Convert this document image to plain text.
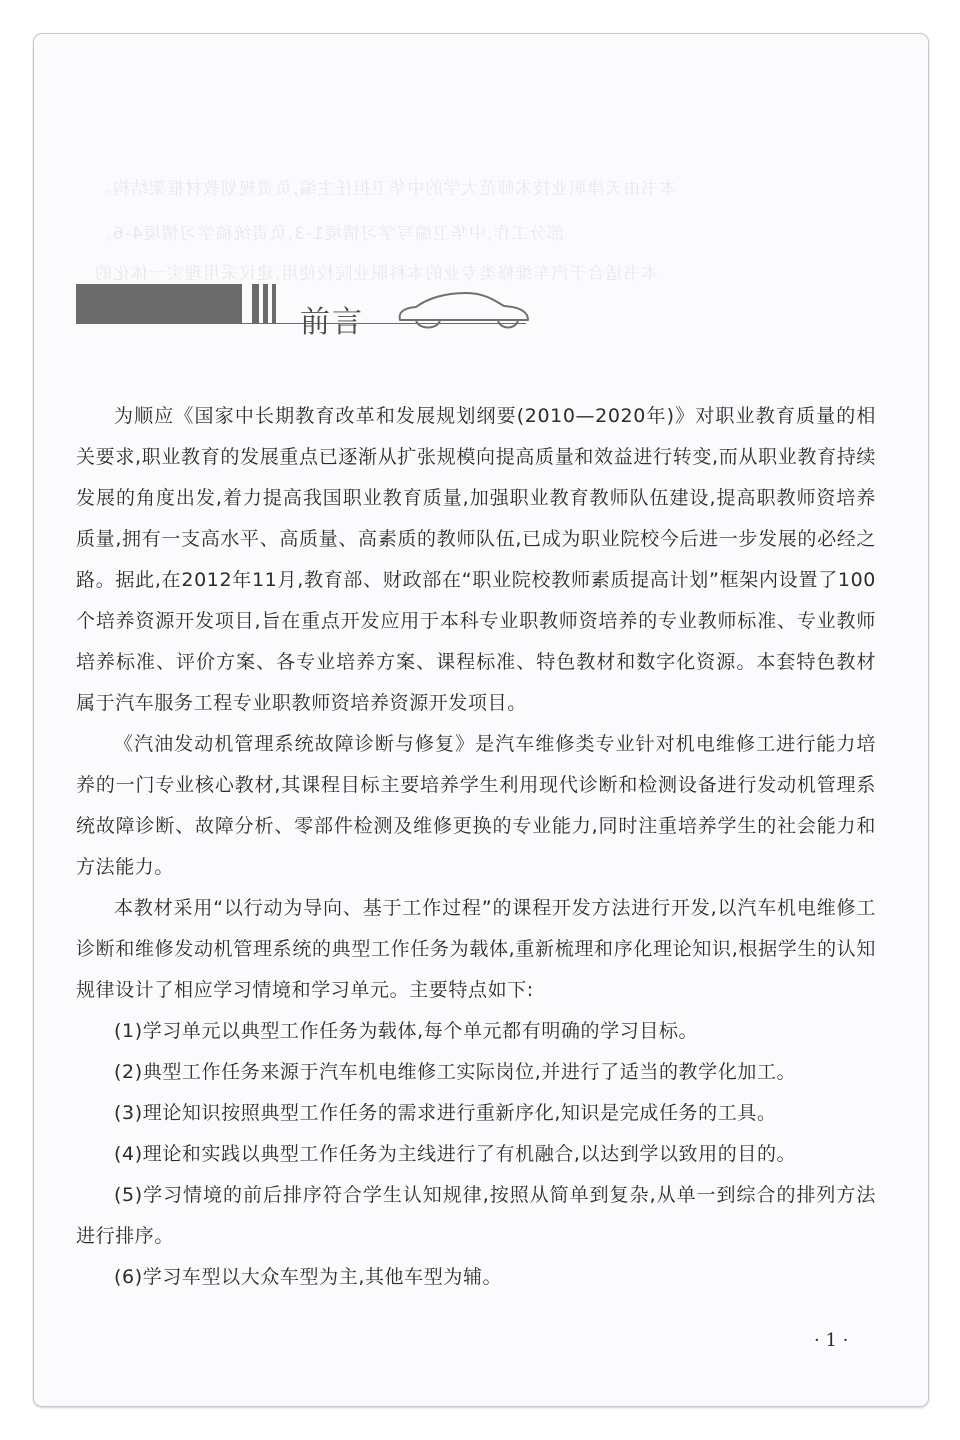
本书由天津职业技术师范大学的中华卫担任主编,负责规划教材框架结构。
部分工作,中华卫编写学习情境1-3,负责统稿学习情境4-6。
本书适合于汽车维修类专业的本科职业院校使用,建议采用理实一体化的
前言

为顺应《国家中长期教育改革和发展规划纲要(2010—2020年)》对职业教育质量的相关要求,职业教育的发展重点已逐渐从扩张规模向提高质量和效益进行转变,而从职业教育持续发展的角度出发,着力提高我国职业教育质量,加强职业教育教师队伍建设,提高职教师资培养质量,拥有一支高水平、高质量、高素质的教师队伍,已成为职业院校今后进一步发展的必经之路。据此,在2012年11月,教育部、财政部在“职业院校教师素质提高计划”框架内设置了100个培养资源开发项目,旨在重点开发应用于本科专业职教师资培养的专业教师标准、专业教师培养标准、评价方案、各专业培养方案、课程标准、特色教材和数字化资源。本套特色教材属于汽车服务工程专业职教师资培养资源开发项目。

《汽油发动机管理系统故障诊断与修复》是汽车维修类专业针对机电维修工进行能力培养的一门专业核心教材,其课程目标主要培养学生利用现代诊断和检测设备进行发动机管理系统故障诊断、故障分析、零部件检测及维修更换的专业能力,同时注重培养学生的社会能力和方法能力。

本教材采用“以行动为导向、基于工作过程”的课程开发方法进行开发,以汽车机电维修工诊断和维修发动机管理系统的典型工作任务为载体,重新梳理和序化理论知识,根据学生的认知规律设计了相应学习情境和学习单元。主要特点如下:

(1)学习单元以典型工作任务为载体,每个单元都有明确的学习目标。

(2)典型工作任务来源于汽车机电维修工实际岗位,并进行了适当的教学化加工。

(3)理论知识按照典型工作任务的需求进行重新序化,知识是完成任务的工具。

(4)理论和实践以典型工作任务为主线进行了有机融合,以达到学以致用的目的。

(5)学习情境的前后排序符合学生认知规律,按照从简单到复杂,从单一到综合的排列方法进行排序。

(6)学习车型以大众车型为主,其他车型为辅。

· 1 ·
